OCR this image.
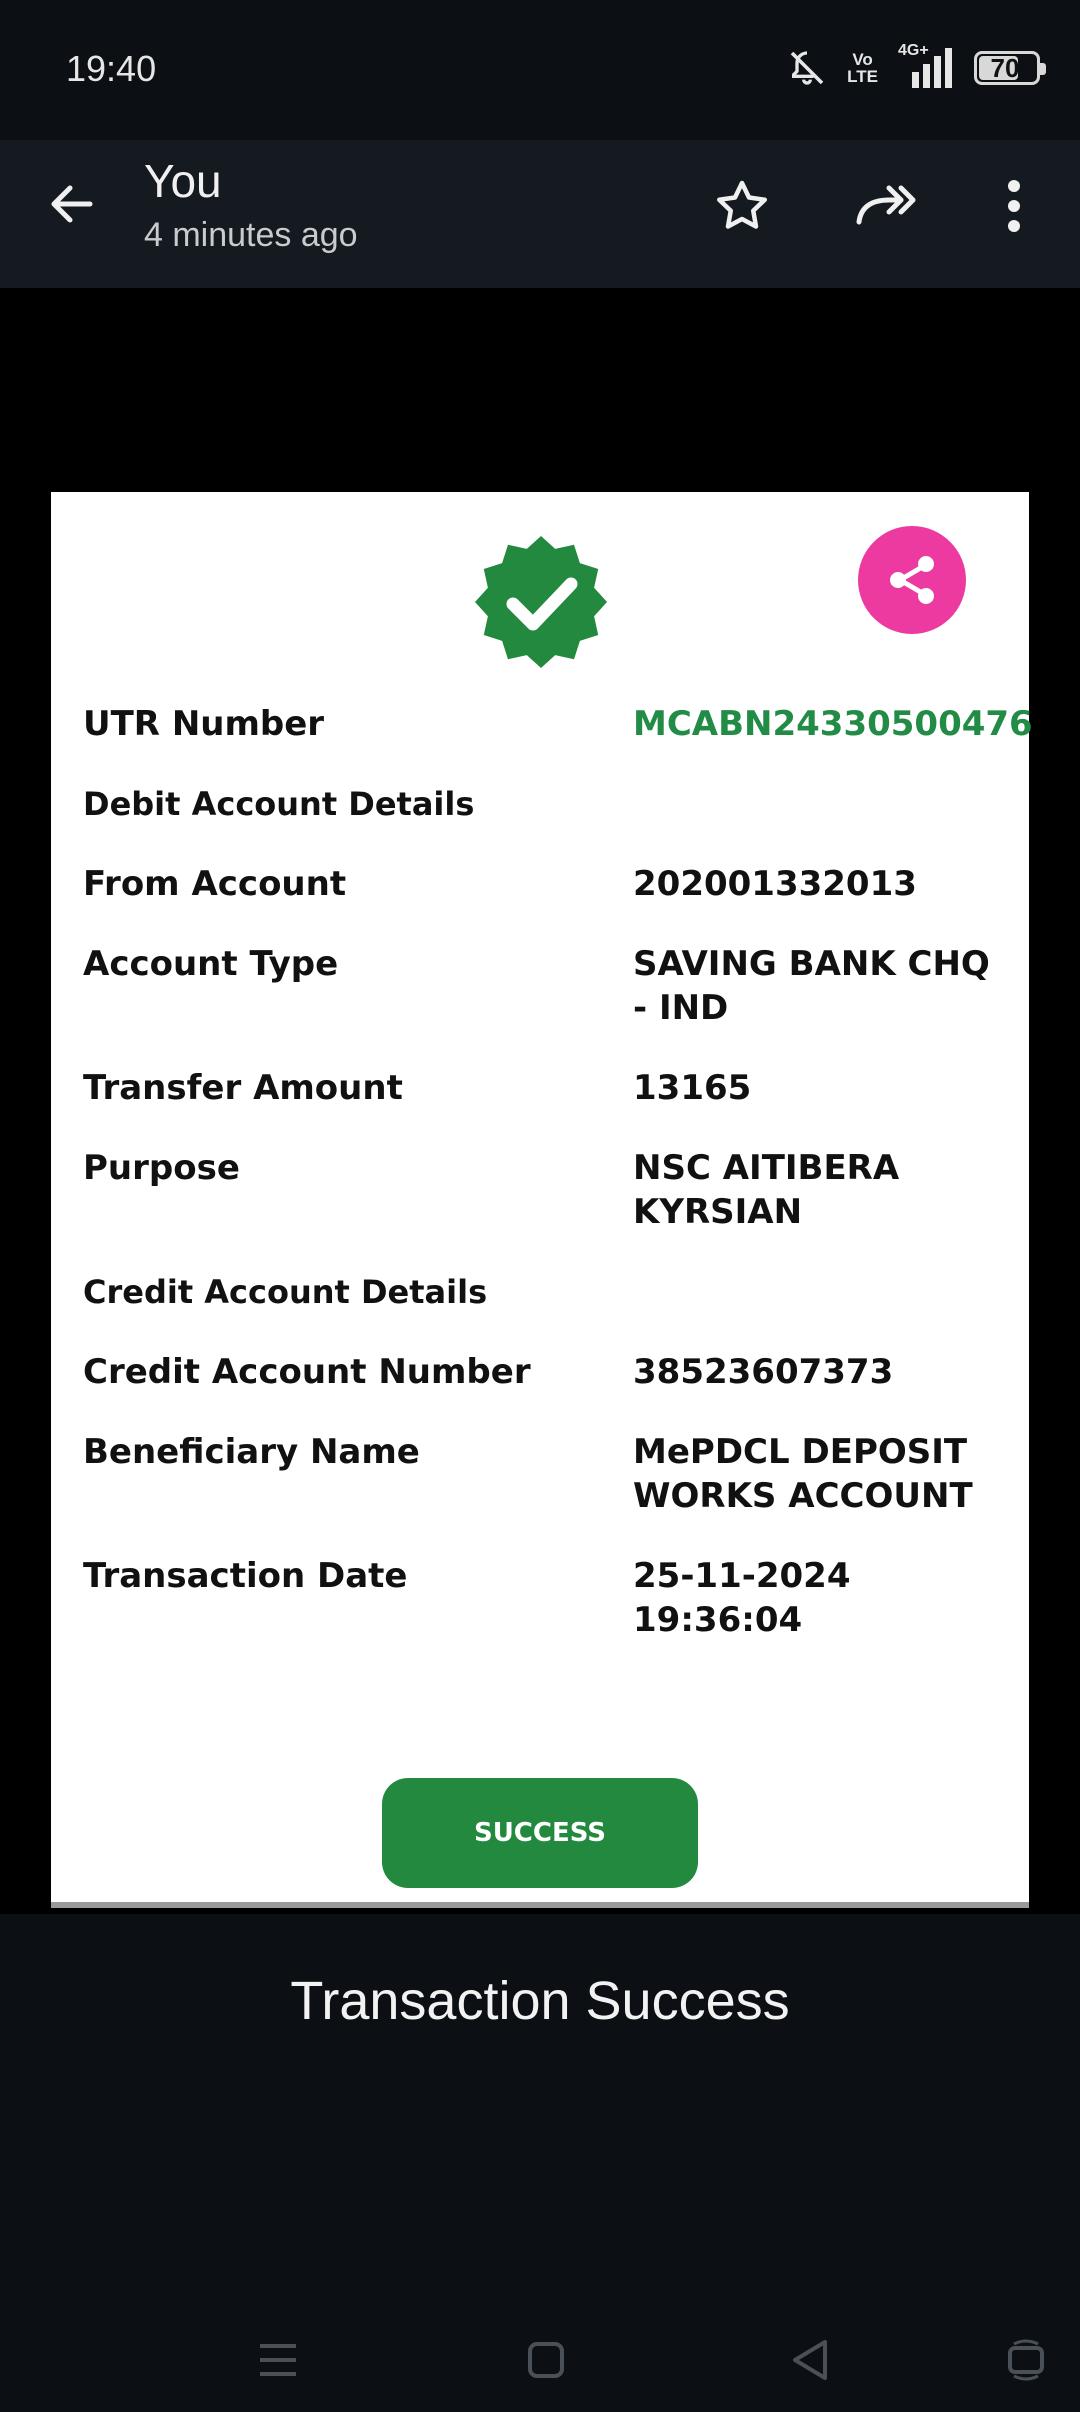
19:40	Vo
LTE
4G+
70
You
4 minutes ago
UTR Number	MCABN24330500476
Debit Account Details
From Account	202001332013
Account Type	SAVING BANK CHQ - IND
Transfer Amount	13165
Purpose	NSC AITIBERA KYRSIAN
Credit Account Details
Credit Account Number	38523607373
Beneficiary Name	MePDCL DEPOSIT WORKS ACCOUNT
Transaction Date	25-11-2024 19:36:04
SUCCESS
Transaction Success
